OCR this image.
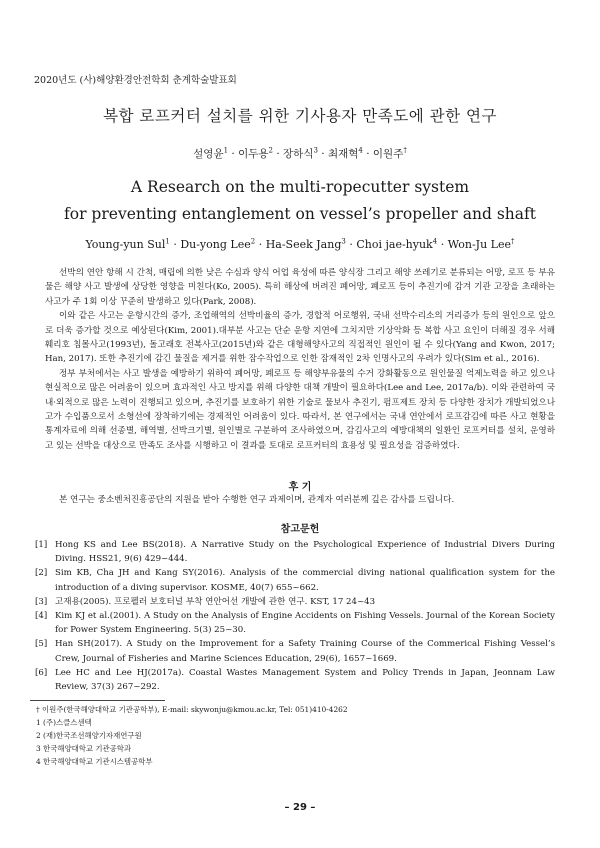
2020년도 (사)해양환경안전학회 춘계학술발표회
복합 로프커터 설치를 위한 기사용자 만족도에 관한 연구
설영윤$^1$ · 이두용$^2$ · 장하식$^3$ · 최재혁$^4$ · 이원주†
A Research on the multi-ropecutter system
for preventing entanglement on vessel’s propeller and shaft
Young-yun Sul$^1$ · Du-yong Lee$^2$ · Ha-Seek Jang$^3$ · Choi jae-hyuk$^4$ · Won-Ju Lee†

선박의 연안 항해 시 간척, 매립에 의한 낮은 수심과 양식 어업 육성에 따른 양식장 그리고 해양 쓰레기로 분류되는 어망, 로프 등 부유물은 해양 사고 발생에 상당한 영향을 미친다(Ko, 2005). 특히 해상에 버려진 폐어망, 폐로프 등이 추진기에 감겨 기관 고장을 초래하는 사고가 주 1회 이상 꾸준히 발생하고 있다(Park, 2008).

이와 같은 사고는 운항시간의 증가, 조업해역의 선박비율의 증가, 경합적 어로행위, 국내 선박수리소의 거리증가 등의 원인으로 앞으로 더욱 증가할 것으로 예상된다(Kim, 2001).대부분 사고는 단순 운항 지연에 그치지만 기상악화 등 복합 사고 요인이 더해질 경우 서해훼리호 침몰사고(1993년), 돌고래호 전복사고(2015년)와 같은 대형해양사고의 직접적인 원인이 될 수 있다(Yang and Kwon, 2017; Han, 2017). 또한 추진기에 감긴 물질을 제거를 위한 잠수작업으로 인한 잠재적인 2차 인명사고의 우려가 있다(Sim et al., 2016).

정부 부처에서는 사고 발생을 예방하기 위하여 폐어망, 폐로프 등 해양부유물의 수거 강화활동으로 원인물질 억제노력을 하고 있으나 현실적으로 많은 어려움이 있으며 효과적인 사고 방지를 위해 다양한 대책 개발이 필요하다(Lee and Lee, 2017a/b). 이와 관련하여 국내·외적으로 많은 노력이 진행되고 있으며, 추진기를 보호하기 위한 기술로 물보사 추진기, 펌프제트 장치 등 다양한 장치가 개발되었으나 고가 수입품으로서 소형선에 장착하기에는 경제적인 어려움이 있다. 따라서, 본 연구에서는 국내 연안에서 로프감김에 따른 사고 현황을 통계자료에 의해 선종별, 해역별, 선박크기별, 원인별로 구분하여 조사하였으며, 감김사고의 예방대책의 일환인 로프커터를 설치, 운영하고 있는 선박을 대상으로 만족도 조사를 시행하고 이 결과를 토대로 로프커터의 효용성 및 필요성을 검증하였다.

후 기
본 연구는 중소벤처진흥공단의 지원을 받아 수행한 연구 과제이며, 관계자 여러분께 깊은 감사를 드립니다.
참고문헌
[1] Hong KS and Lee BS(2018). A Narrative Study on the Psychological Experience of Industrial Divers During Diving. HSS21, 9(6) 429~444.
[2] Sim KB, Cha JH and Kang SY(2016). Analysis of the commercial diving national qualification system for the introduction of a diving supervisor. KOSME, 40(7) 655~662.
[3] 고재용(2005). 프로펠러 보호터널 부착 연안어선 개발에 관한 연구. KST, 17 24~43
[4] Kim KJ et al.(2001). A Study on the Analysis of Engine Accidents on Fishing Vessels. Journal of the Korean Society for Power System Engineering. 5(3) 25~30.
[5] Han SH(2017). A Study on the Improvement for a Safety Training Course of the Commerical Fishing Vessel’s Crew, Journal of Fisheries and Marine Sciences Education, 29(6), 1657~1669.
[6] Lee HC and Lee HJ(2017a). Coastal Wastes Management System and Policy Trends in Japan, Jeonnam Law Review, 37(3) 267~292.
† 이원주(한국해양대학교 기관공학부), E-mail: skywonju@kmou.ac.kr, Tel: 051)410-4262
1 (주)스클스센텍
2 (재)한국조선해양기자재연구원
3 한국해양대학교 기관공학과
4 한국해양대학교 기관시스템공학부
– 29 –
